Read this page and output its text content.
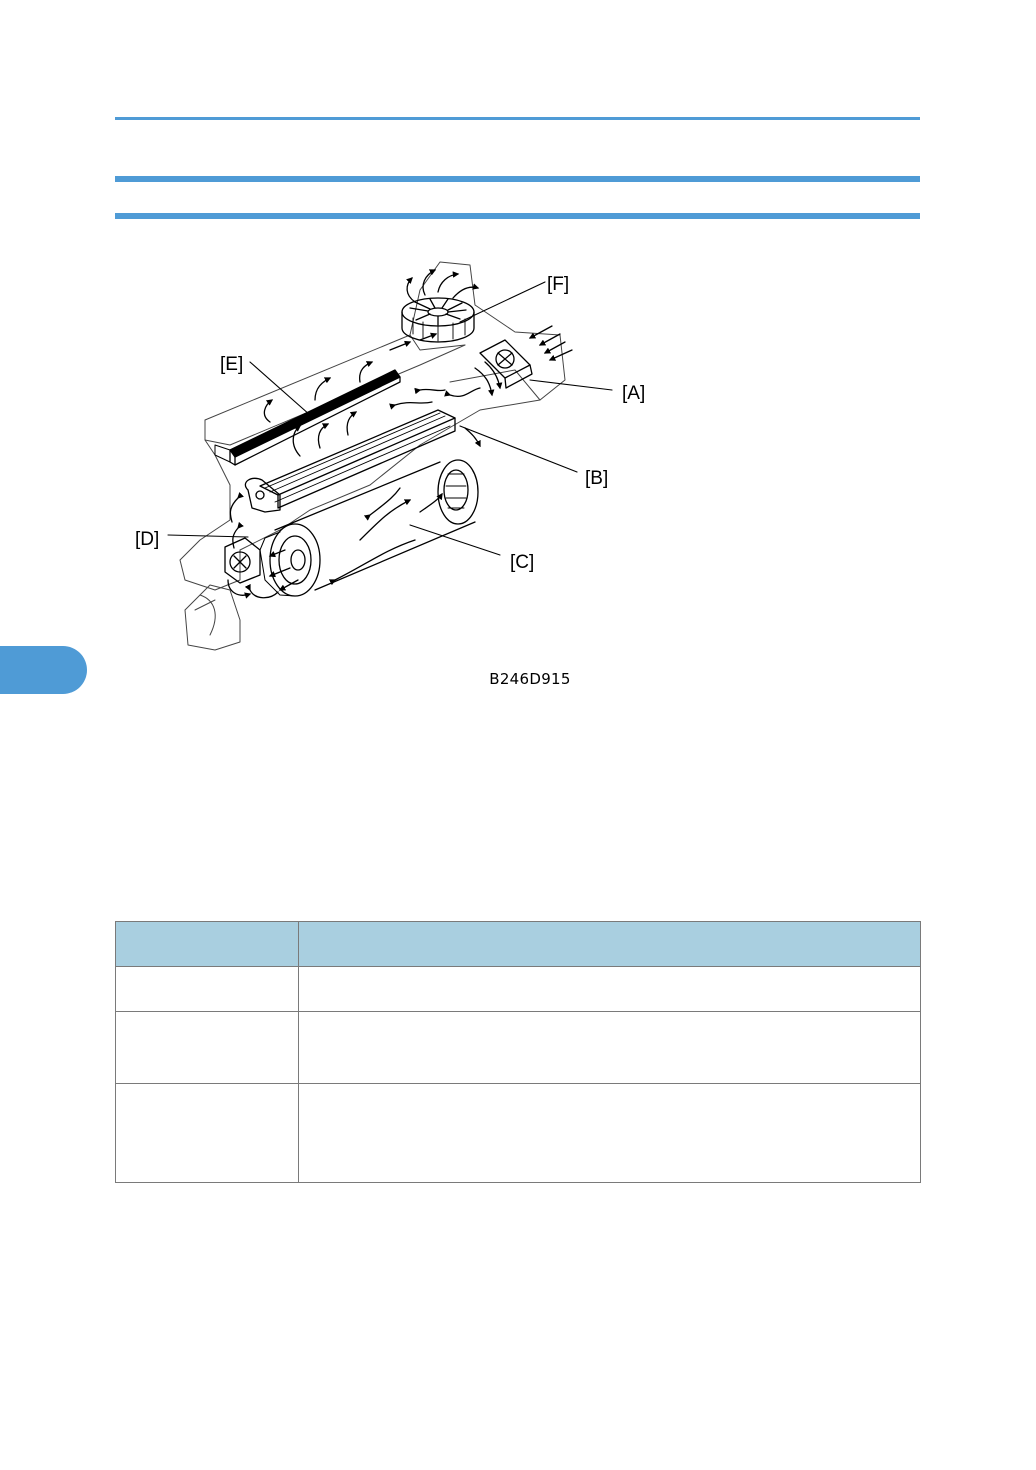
[F]
[A]
[E]
[B]
[C]
[D]
B246D915
